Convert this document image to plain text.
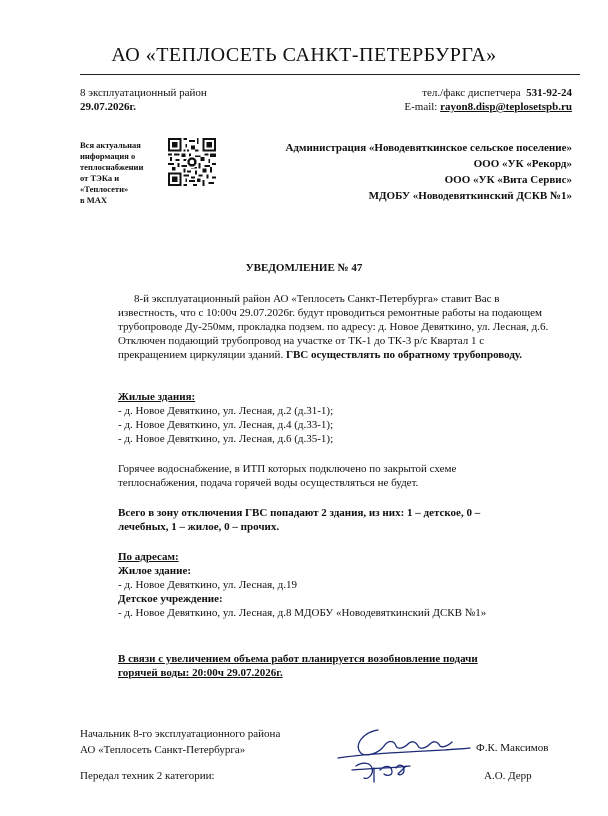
АО «ТЕПЛОСЕТЬ САНКТ-ПЕТЕРБУРГА»
8 эксплуатационный район
29.07.2026г.
тел./факс диспетчера 531-92-24
E-mail: rayon8.disp@teplosetspb.ru
Вся актуальная
информация о
теплоснабжении
от ТЭКа и
«Теплосети»
в MAX
Администрация «Новодевяткинское сельское поселение»
ООО «УК «Рекорд»
ООО «УК «Вита Сервис»
МДОБУ «Новодевяткинский ДСКВ №1»
УВЕДОМЛЕНИЕ № 47
8-й эксплуатационный район АО «Теплосеть Санкт-Петербурга» ставит Вас в
известность, что с 10:00ч 29.07.2026г. будут проводиться ремонтные работы на подающем
трубопроводе Ду-250мм, прокладка подзем. по адресу: д. Новое Девяткино, ул. Лесная, д.6.
Отключен подающий трубопровод на участке от ТК-1 до ТК-3 р/с Квартал 1 с
прекращением циркуляции зданий. ГВС осуществлять по обратному трубопроводу.
Жилые здания:
- д. Новое Девяткино, ул. Лесная, д.2 (д.31-1);
- д. Новое Девяткино, ул. Лесная, д.4 (д.33-1);
- д. Новое Девяткино, ул. Лесная, д.6 (д.35-1);
Горячее водоснабжение, в ИТП которых подключено по закрытой схеме
теплоснабжения, подача горячей воды осуществляться не будет.
Всего в зону отключения ГВС попадают 2 здания, из них: 1 – детское, 0 –
лечебных, 1 – жилое, 0 – прочих.
По адресам:
Жилое здание:
- д. Новое Девяткино, ул. Лесная, д.19
Детское учреждение:
- д. Новое Девяткино, ул. Лесная, д.8 МДОБУ «Новодевяткинский ДСКВ №1»
В связи с увеличением объема работ планируется возобновление подачи
горячей воды: 20:00ч 29.07.2026г.
Начальник 8-го эксплуатационного района
АО «Теплосеть Санкт-Петербурга»	Ф.К. Максимов
Передал техник 2 категории:	А.О. Дерр
